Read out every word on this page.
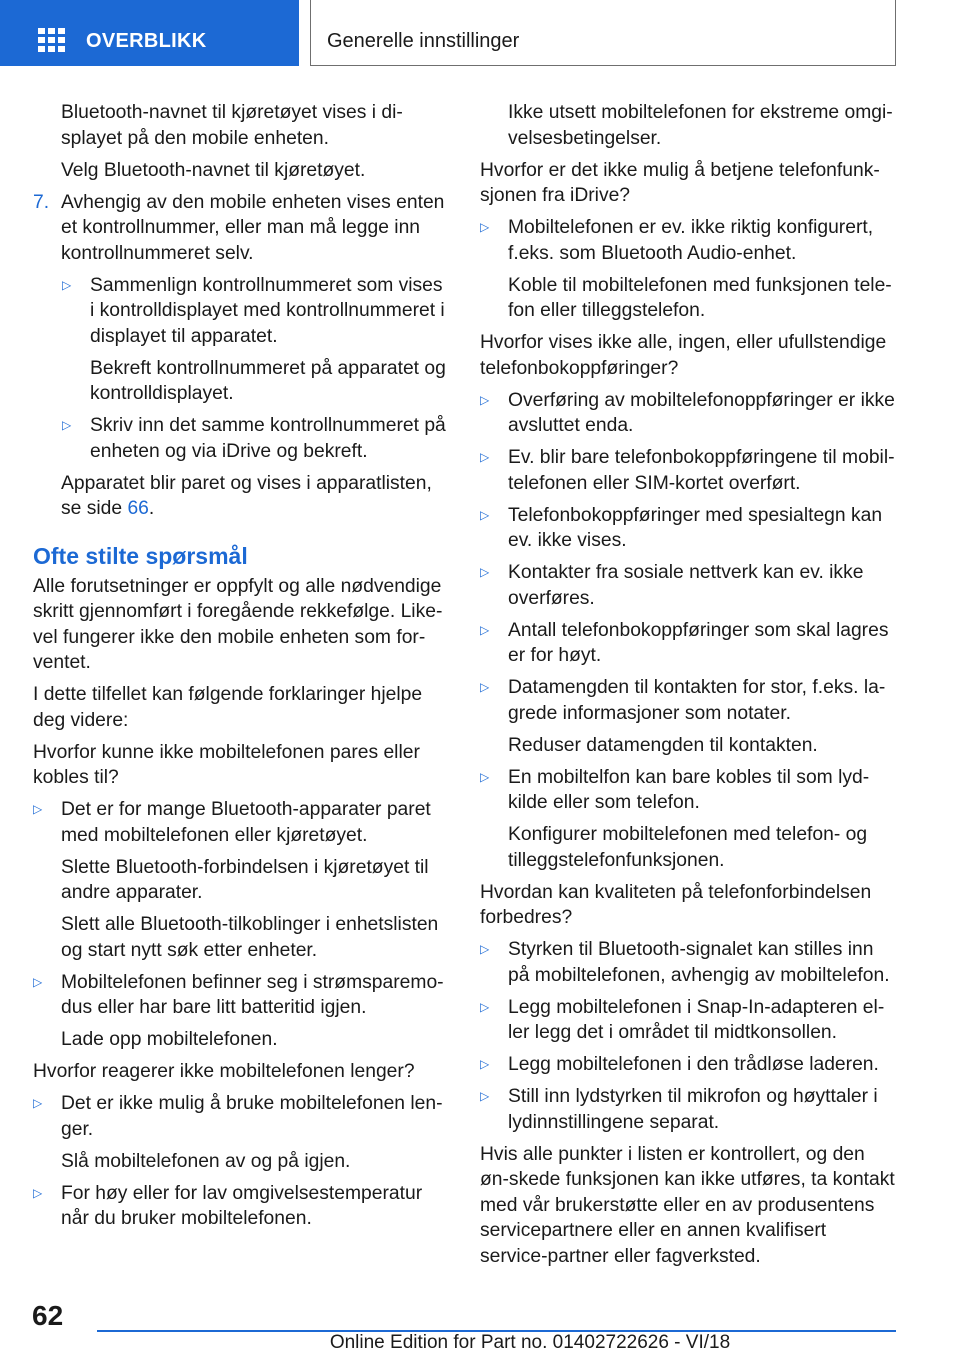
OVERBLIKK	Generelle innstillinger

Bluetooth-navnet til kjøretøyet vises i di-splayet på den mobile enheten.

Velg Bluetooth-navnet til kjøretøyet.

7. Avhengig av den mobile enheten vises enten et kontrollnummer, eller man må legge inn kontrollnummeret selv.

▷ Sammenlign kontrollnummeret som vises i kontrolldisplayet med kontrollnummeret i displayet til apparatet.

Bekreft kontrollnummeret på apparatet og kontrolldisplayet.

▷ Skriv inn det samme kontrollnummeret på enheten og via iDrive og bekreft.

Apparatet blir paret og vises i apparatlisten, se side 66.

Ofte stilte spørsmål

Alle forutsetninger er oppfylt og alle nødvendige skritt gjennomført i foregående rekkefølge. Like-vel fungerer ikke den mobile enheten som for-ventet.

I dette tilfellet kan følgende forklaringer hjelpe deg videre:

Hvorfor kunne ikke mobiltelefonen pares eller kobles til?

▷ Det er for mange Bluetooth-apparater paret med mobiltelefonen eller kjøretøyet.

Slette Bluetooth-forbindelsen i kjøretøyet til andre apparater.

Slett alle Bluetooth-tilkoblinger i enhetslisten og start nytt søk etter enheter.

▷ Mobiltelefonen befinner seg i strømsparemo-dus eller har bare litt batteritid igjen.

Lade opp mobiltelefonen.

Hvorfor reagerer ikke mobiltelefonen lenger?

▷ Det er ikke mulig å bruke mobiltelefonen len-ger.

Slå mobiltelefonen av og på igjen.

▷ For høy eller for lav omgivelsestemperatur når du bruker mobiltelefonen.

Ikke utsett mobiltelefonen for ekstreme omgi-velsesbetingelser.

Hvorfor er det ikke mulig å betjene telefonfunk-sjonen fra iDrive?

▷ Mobiltelefonen er ev. ikke riktig konfigurert, f.eks. som Bluetooth Audio-enhet.

Koble til mobiltelefonen med funksjonen tele-fon eller tilleggstelefon.

Hvorfor vises ikke alle, ingen, eller ufullstendige telefonbokoppføringer?

▷ Overføring av mobiltelefonoppføringer er ikke avsluttet enda.

▷ Ev. blir bare telefonbokoppføringene til mobil-telefonen eller SIM-kortet overført.

▷ Telefonbokoppføringer med spesialtegn kan ev. ikke vises.

▷ Kontakter fra sosiale nettverk kan ev. ikke overføres.

▷ Antall telefonbokoppføringer som skal lagres er for høyt.

▷ Datamengden til kontakten for stor, f.eks. la-grede informasjoner som notater.

Reduser datamengden til kontakten.

▷ En mobiltelfon kan bare kobles til som lyd-kilde eller som telefon.

Konfigurer mobiltelefonen med telefon- og tilleggstelefonfunksjonen.

Hvordan kan kvaliteten på telefonforbindelsen forbedres?

▷ Styrken til Bluetooth-signalet kan stilles inn på mobiltelefonen, avhengig av mobiltelefon.

▷ Legg mobiltelefonen i Snap-In-adapteren el-ler legg det i området til midtkonsollen.

▷ Legg mobiltelefonen i den trådløse laderen.

▷ Still inn lydstyrken til mikrofon og høyttaler i lydinnstillingene separat.

Hvis alle punkter i listen er kontrollert, og den øn-skede funksjonen kan ikke utføres, ta kontakt med vår brukerstøtte eller en av produsentens servicepartnere eller en annen kvalifisert service-partner eller fagverksted.

62
Online Edition for Part no. 01402722626 - VI/18
